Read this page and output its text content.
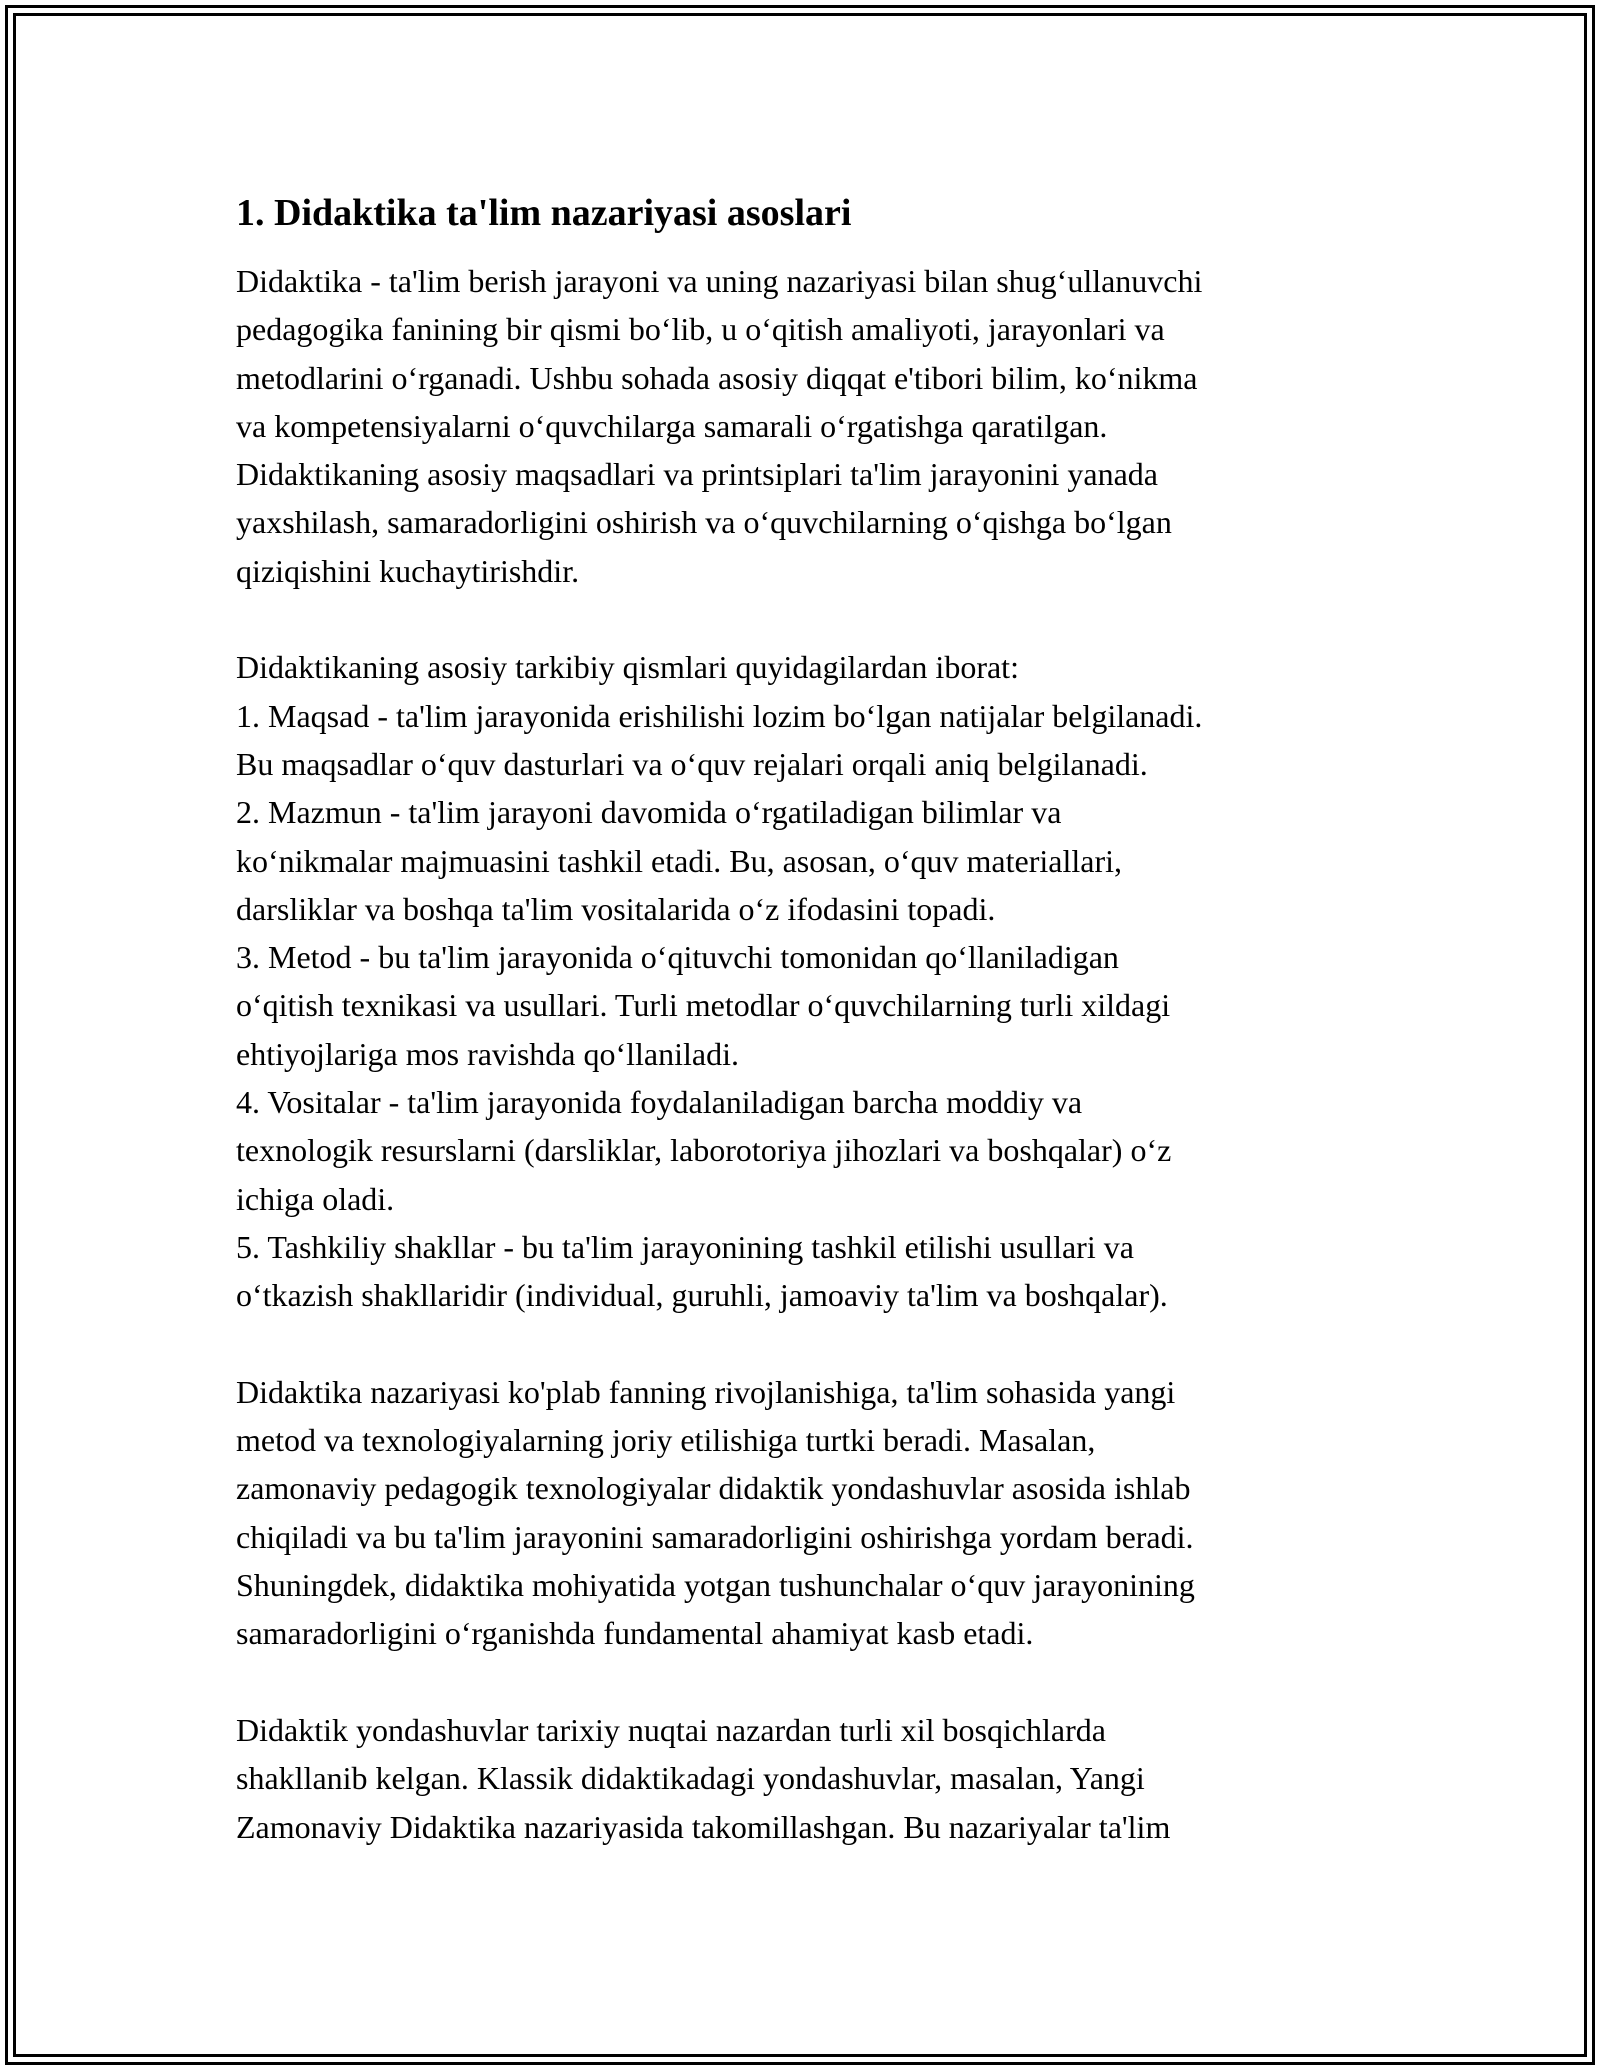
1. Didaktika ta'lim nazariyasi asoslari
Didaktika - ta'lim berish jarayoni va uning nazariyasi bilan shug‘ullanuvchi
pedagogika fanining bir qismi bo‘lib, u o‘qitish amaliyoti, jarayonlari va
metodlarini o‘rganadi. Ushbu sohada asosiy diqqat e'tibori bilim, ko‘nikma
va kompetensiyalarni o‘quvchilarga samarali o‘rgatishga qaratilgan.
Didaktikaning asosiy maqsadlari va printsiplari ta'lim jarayonini yanada
yaxshilash, samaradorligini oshirish va o‘quvchilarning o‘qishga bo‘lgan
qiziqishini kuchaytirishdir.
Didaktikaning asosiy tarkibiy qismlari quyidagilardan iborat:
1. Maqsad - ta'lim jarayonida erishilishi lozim bo‘lgan natijalar belgilanadi.
Bu maqsadlar o‘quv dasturlari va o‘quv rejalari orqali aniq belgilanadi.
2. Mazmun - ta'lim jarayoni davomida o‘rgatiladigan bilimlar va
ko‘nikmalar majmuasini tashkil etadi. Bu, asosan, o‘quv materiallari,
darsliklar va boshqa ta'lim vositalarida o‘z ifodasini topadi.
3. Metod - bu ta'lim jarayonida o‘qituvchi tomonidan qo‘llaniladigan
o‘qitish texnikasi va usullari. Turli metodlar o‘quvchilarning turli xildagi
ehtiyojlariga mos ravishda qo‘llaniladi.
4. Vositalar - ta'lim jarayonida foydalaniladigan barcha moddiy va
texnologik resurslarni (darsliklar, laborotoriya jihozlari va boshqalar) o‘z
ichiga oladi.
5. Tashkiliy shakllar - bu ta'lim jarayonining tashkil etilishi usullari va
o‘tkazish shakllaridir (individual, guruhli, jamoaviy ta'lim va boshqalar).
Didaktika nazariyasi ko'plab fanning rivojlanishiga, ta'lim sohasida yangi
metod va texnologiyalarning joriy etilishiga turtki beradi. Masalan,
zamonaviy pedagogik texnologiyalar didaktik yondashuvlar asosida ishlab
chiqiladi va bu ta'lim jarayonini samaradorligini oshirishga yordam beradi.
Shuningdek, didaktika mohiyatida yotgan tushunchalar o‘quv jarayonining
samaradorligini o‘rganishda fundamental ahamiyat kasb etadi.
Didaktik yondashuvlar tarixiy nuqtai nazardan turli xil bosqichlarda
shakllanib kelgan. Klassik didaktikadagi yondashuvlar, masalan, Yangi
Zamonaviy Didaktika nazariyasida takomillashgan. Bu nazariyalar ta'lim
